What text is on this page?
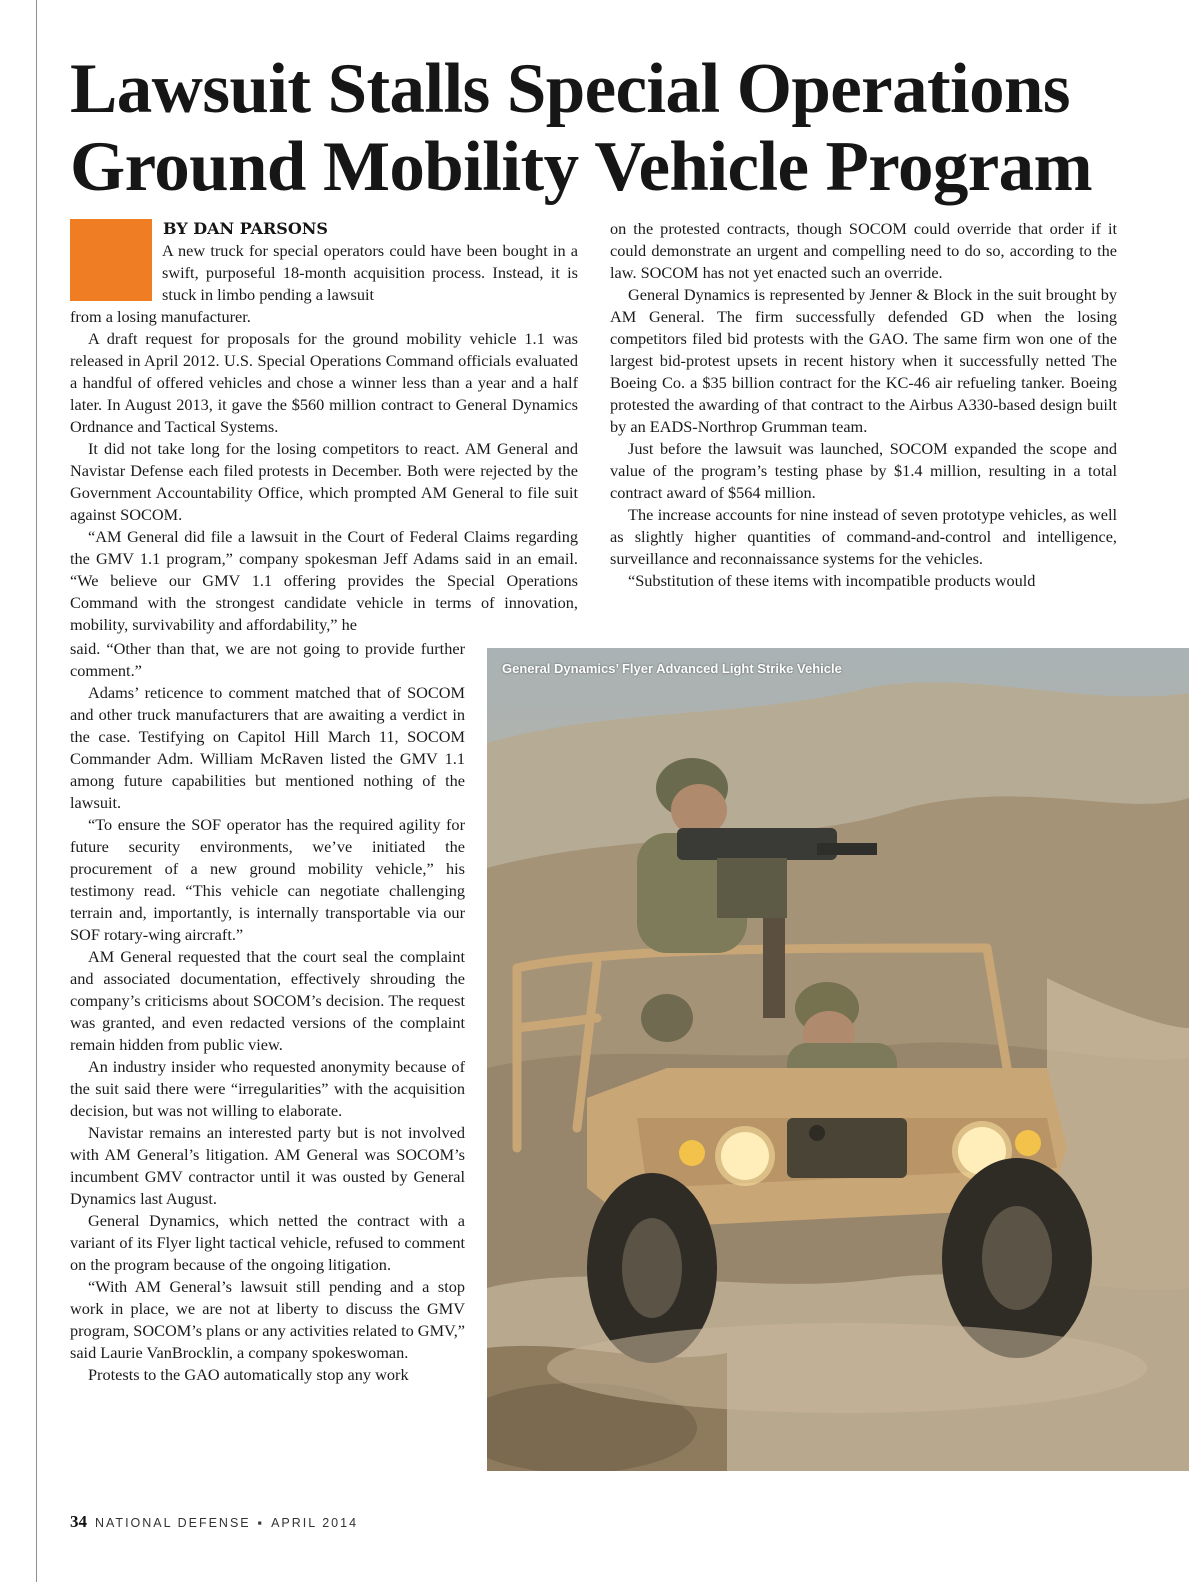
Lawsuit Stalls Special Operations Ground Mobility Vehicle Program

BY DAN PARSONS

A new truck for special operators could have been bought in a swift, purposeful 18-month acquisition process. Instead, it is stuck in limbo pending a lawsuit

from a losing manufacturer.

A draft request for proposals for the ground mobility vehicle 1.1 was released in April 2012. U.S. Special Operations Command officials evaluated a handful of offered vehicles and chose a winner less than a year and a half later. In August 2013, it gave the $560 million contract to General Dynamics Ordnance and Tactical Systems.

It did not take long for the losing competitors to react. AM General and Navistar Defense each filed protests in December. Both were rejected by the Government Accountability Office, which prompted AM General to file suit against SOCOM.

“AM General did file a lawsuit in the Court of Federal Claims regarding the GMV 1.1 program,” company spokesman Jeff Adams said in an email. “We believe our GMV 1.1 offering provides the Special Operations Command with the strongest candidate vehicle in terms of innovation, mobility, survivability and affordability,” he

said. “Other than that, we are not going to provide further comment.”

Adams’ reticence to comment matched that of SOCOM and other truck manufacturers that are awaiting a verdict in the case. Testifying on Capitol Hill March 11, SOCOM Commander Adm. William McRaven listed the GMV 1.1 among future capabilities but mentioned nothing of the lawsuit.

“To ensure the SOF operator has the required agility for future security environments, we’ve initiated the procurement of a new ground mobility vehicle,” his testimony read. “This vehicle can negotiate challenging terrain and, importantly, is internally transportable via our SOF rotary-wing aircraft.”

AM General requested that the court seal the complaint and associated documentation, effectively shrouding the company’s criticisms about SOCOM’s decision. The request was granted, and even redacted versions of the complaint remain hidden from public view.

An industry insider who requested anonymity because of the suit said there were “irregularities” with the acquisition decision, but was not willing to elaborate.

Navistar remains an interested party but is not involved with AM General’s litigation. AM General was SOCOM’s incumbent GMV contractor until it was ousted by General Dynamics last August.

General Dynamics, which netted the contract with a variant of its Flyer light tactical vehicle, refused to comment on the program because of the ongoing litigation.

“With AM General’s lawsuit still pending and a stop work in place, we are not at liberty to discuss the GMV program, SOCOM’s plans or any activities related to GMV,” said Laurie VanBrocklin, a company spokeswoman.

Protests to the GAO automatically stop any work

on the protested contracts, though SOCOM could override that order if it could demonstrate an urgent and compelling need to do so, according to the law. SOCOM has not yet enacted such an override.

General Dynamics is represented by Jenner & Block in the suit brought by AM General. The firm successfully defended GD when the losing competitors filed bid protests with the GAO. The same firm won one of the largest bid-protest upsets in recent history when it successfully netted The Boeing Co. a $35 billion contract for the KC-46 air refueling tanker. Boeing protested the awarding of that contract to the Airbus A330-based design built by an EADS-Northrop Grumman team.

Just before the lawsuit was launched, SOCOM expanded the scope and value of the program’s testing phase by $1.4 million, resulting in a total contract award of $564 million.

The increase accounts for nine instead of seven prototype vehicles, as well as slightly higher quantities of command-and-control and intelligence, surveillance and reconnaissance systems for the vehicles.

“Substitution of these items with incompatible products would

General Dynamics’ Flyer Advanced Light Strike Vehicle

34 NATIONAL DEFENSE ▪ APRIL 2014
